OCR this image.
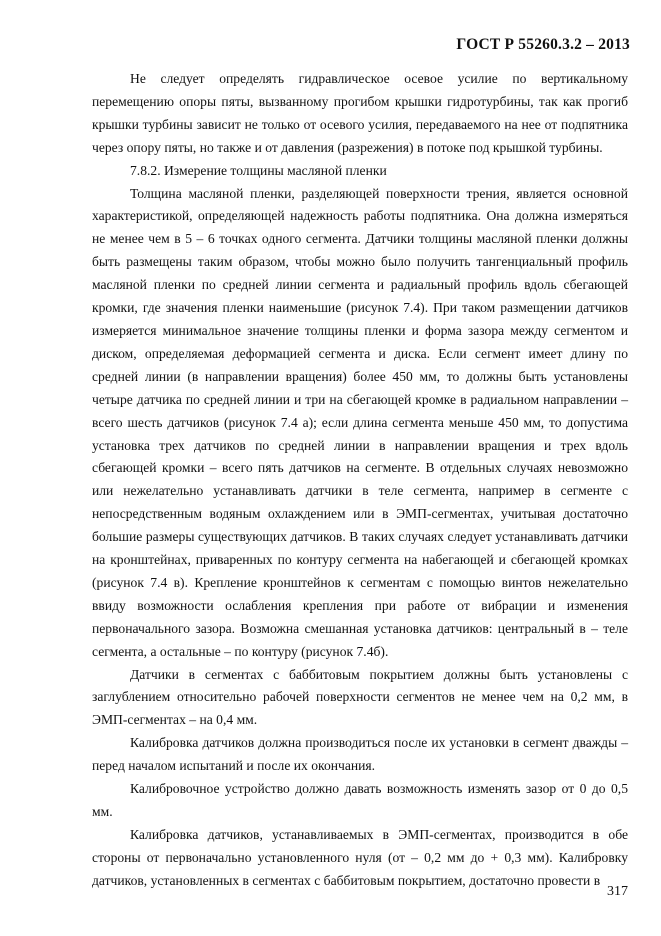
ГОСТ Р 55260.3.2 – 2013

Не следует определять гидравлическое осевое усилие по вертикальному перемещению опоры пяты, вызванному прогибом крышки гидротурбины, так как прогиб крышки турбины зависит не только от осевого усилия, передаваемого на нее от подпятника через опору пяты, но также и от давления (разрежения) в потоке под крышкой турбины.

7.8.2. Измерение толщины масляной пленки

Толщина масляной пленки, разделяющей поверхности трения, является основной характеристикой, определяющей надежность работы подпятника. Она должна измеряться не менее чем в 5 – 6 точках одного сегмента. Датчики толщины масляной пленки должны быть размещены таким образом, чтобы можно было получить тангенциальный профиль масляной пленки по средней линии сегмента и радиальный профиль вдоль сбегающей кромки, где значения пленки наименьшие (рисунок 7.4). При таком размещении датчиков измеряется минимальное значение толщины пленки и форма зазора между сегментом и диском, определяемая деформацией сегмента и диска. Если сегмент имеет длину по средней линии (в направлении вращения) более 450 мм, то должны быть установлены четыре датчика по средней линии и три на сбегающей кромке в радиальном направлении – всего шесть датчиков (рисунок 7.4 а); если длина сегмента меньше 450 мм, то допустима установка трех датчиков по средней линии в направлении вращения и трех вдоль сбегающей кромки – всего пять датчиков на сегменте. В отдельных случаях невозможно или нежелательно устанавливать датчики в теле сегмента, например в сегменте с непосредственным водяным охлаждением или в ЭМП-сегментах, учитывая достаточно большие размеры существующих датчиков. В таких случаях следует устанавливать датчики на кронштейнах, приваренных по контуру сегмента на набегающей и сбегающей кромках (рисунок 7.4 в). Крепление кронштейнов к сегментам с помощью винтов нежелательно ввиду возможности ослабления крепления при работе от вибрации и изменения первоначального зазора. Возможна смешанная установка датчиков: центральный в – теле сегмента, а остальные – по контуру (рисунок 7.4б).

Датчики в сегментах с баббитовым покрытием должны быть установлены с заглублением относительно рабочей поверхности сегментов не менее чем на 0,2 мм, в ЭМП-сегментах – на 0,4 мм.

Калибровка датчиков должна производиться после их установки в сегмент дважды – перед началом испытаний и после их окончания.

Калибровочное устройство должно давать возможность изменять зазор от 0 до 0,5 мм.

Калибровка датчиков, устанавливаемых в ЭМП-сегментах, производится в обе стороны от первоначально установленного нуля (от – 0,2 мм до + 0,3 мм). Калибровку датчиков, установленных в сегментах с баббитовым покрытием, достаточно провести в

317
